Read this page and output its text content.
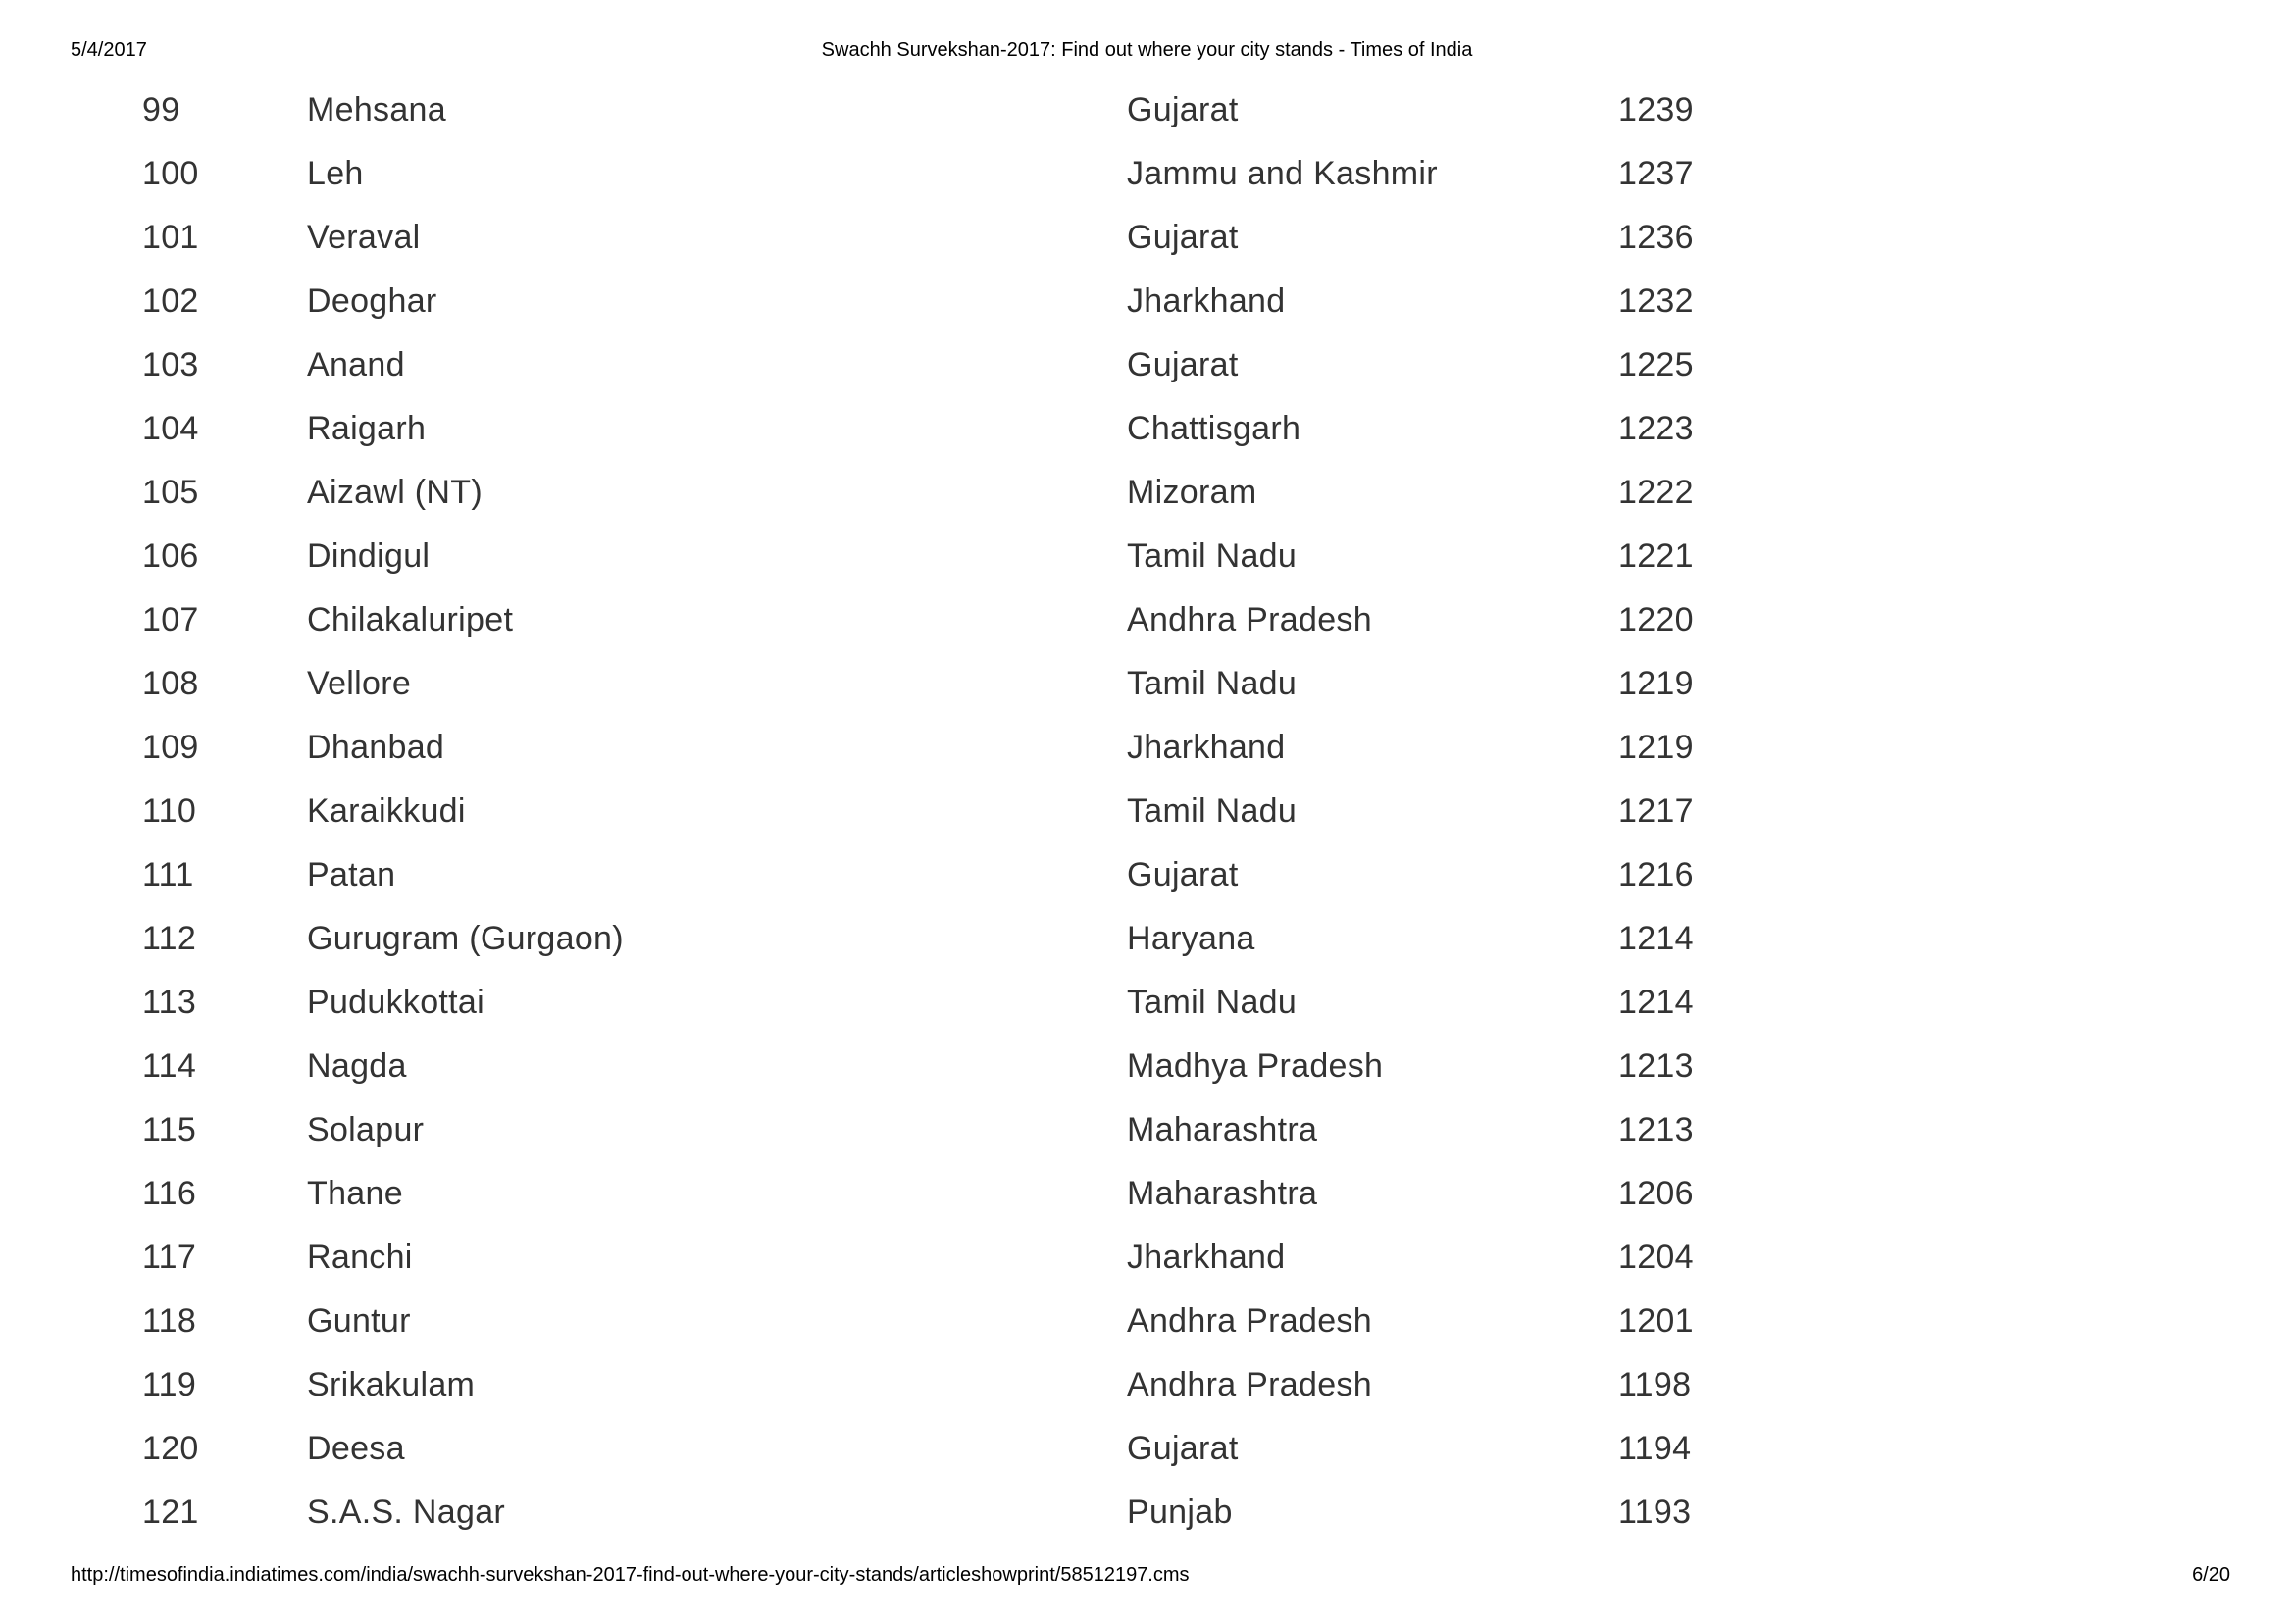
5/4/2017	Swachh Survekshan-2017: Find out where your city stands - Times of India
99	Mehsana	Gujarat	1239
100	Leh	Jammu and Kashmir	1237
101	Veraval	Gujarat	1236
102	Deoghar	Jharkhand	1232
103	Anand	Gujarat	1225
104	Raigarh	Chattisgarh	1223
105	Aizawl (NT)	Mizoram	1222
106	Dindigul	Tamil Nadu	1221
107	Chilakaluripet	Andhra Pradesh	1220
108	Vellore	Tamil Nadu	1219
109	Dhanbad	Jharkhand	1219
110	Karaikkudi	Tamil Nadu	1217
111	Patan	Gujarat	1216
112	Gurugram (Gurgaon)	Haryana	1214
113	Pudukkottai	Tamil Nadu	1214
114	Nagda	Madhya Pradesh	1213
115	Solapur	Maharashtra	1213
116	Thane	Maharashtra	1206
117	Ranchi	Jharkhand	1204
118	Guntur	Andhra Pradesh	1201
119	Srikakulam	Andhra Pradesh	1198
120	Deesa	Gujarat	1194
121	S.A.S. Nagar	Punjab	1193
http://timesofindia.indiatimes.com/india/swachh-survekshan-2017-find-out-where-your-city-stands/articleshowprint/58512197.cms	6/20
